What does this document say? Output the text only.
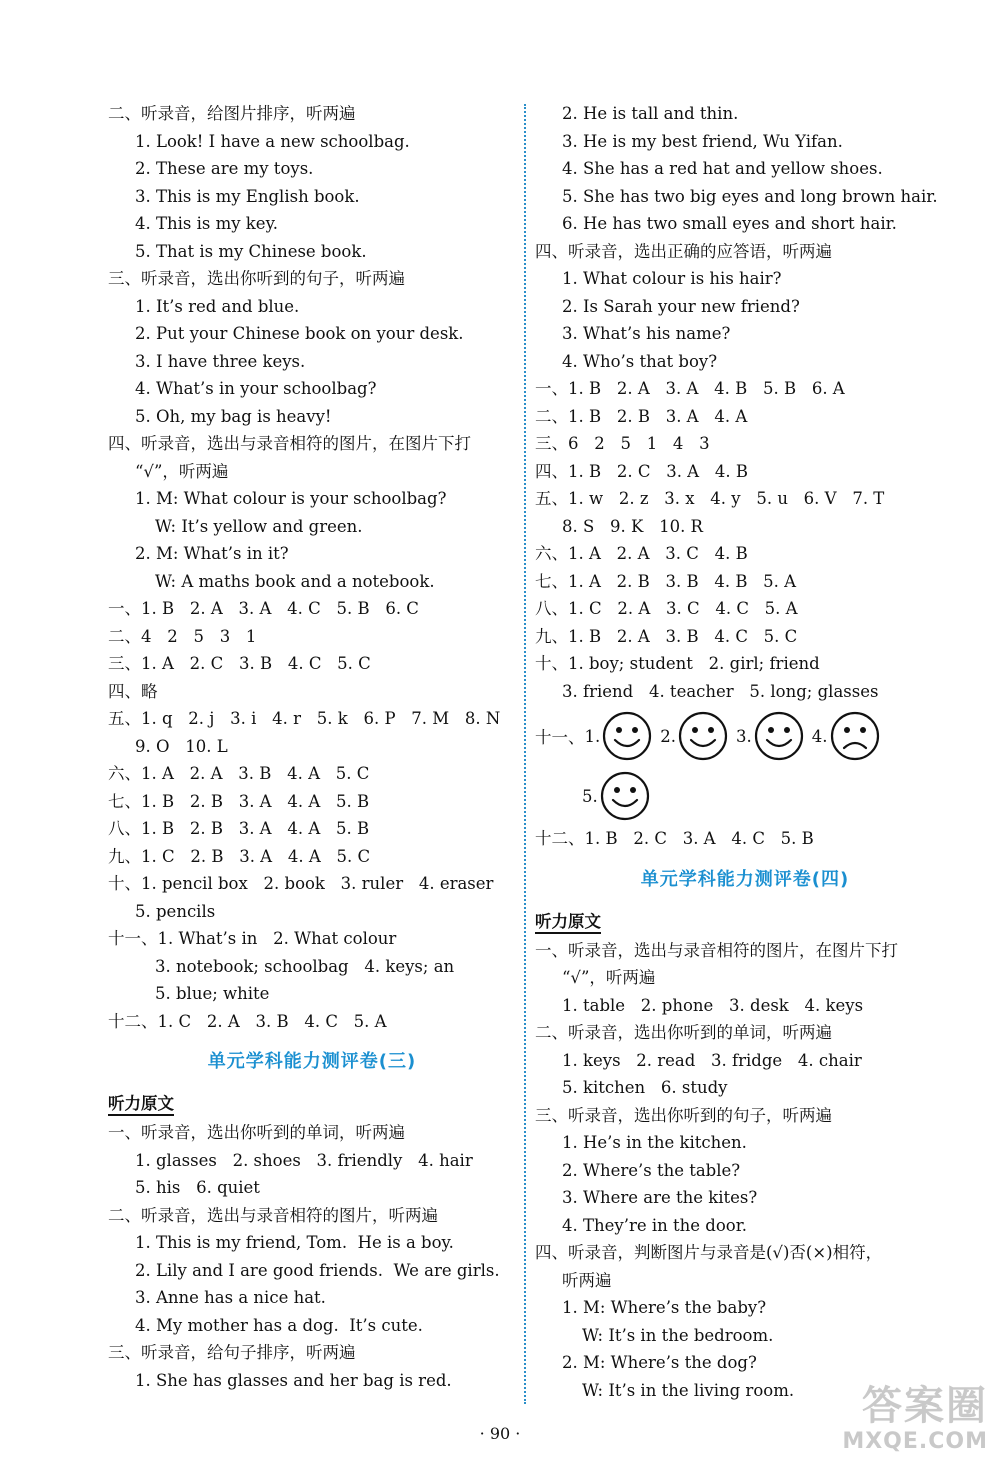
二、听录音，给图片排序，听两遍
1. Look! I have a new schoolbag.
2. These are my toys.
3. This is my English book.
4. This is my key.
5. That is my Chinese book.
三、听录音，选出你听到的句子，听两遍
1. It’s red and blue.
2. Put your Chinese book on your desk.
3. I have three keys.
4. What’s in your schoolbag?
5. Oh, my bag is heavy!
四、听录音，选出与录音相符的图片，在图片下打
“√”，听两遍
1. M: What colour is your schoolbag?
W: It’s yellow and green.
2. M: What’s in it?
W: A maths book and a notebook.
一、1. B   2. A   3. A   4. C   5. B   6. C
二、4   2   5   3   1
三、1. A   2. C   3. B   4. C   5. C
四、略
五、1. q   2. j   3. i   4. r   5. k   6. P   7. M   8. N
9. O   10. L
六、1. A   2. A   3. B   4. A   5. C
七、1. B   2. B   3. A   4. A   5. B
八、1. B   2. B   3. A   4. A   5. B
九、1. C   2. B   3. A   4. A   5. C
十、1. pencil box   2. book   3. ruler   4. eraser
5. pencils
十一、1. What’s in   2. What colour
3. notebook; schoolbag   4. keys; an
5. blue; white
十二、1. C   2. A   3. B   4. C   5. A
单元学科能力测评卷(三)
听力原文
一、听录音，选出你听到的单词，听两遍
1. glasses   2. shoes   3. friendly   4. hair
5. his   6. quiet
二、听录音，选出与录音相符的图片，听两遍
1. This is my friend, Tom.  He is a boy.
2. Lily and I are good friends.  We are girls.
3. Anne has a nice hat.
4. My mother has a dog.  It’s cute.
三、听录音，给句子排序，听两遍
1. She has glasses and her bag is red.
2. He is tall and thin.
3. He is my best friend, Wu Yifan.
4. She has a red hat and yellow shoes.
5. She has two big eyes and long brown hair.
6. He has two small eyes and short hair.
四、听录音，选出正确的应答语，听两遍
1. What colour is his hair?
2. Is Sarah your new friend?
3. What’s his name?
4. Who’s that boy?
一、1. B   2. A   3. A   4. B   5. B   6. A
二、1. B   2. B   3. A   4. A
三、6   2   5   1   4   3
四、1. B   2. C   3. A   4. B
五、1. w   2. z   3. x   4. y   5. u   6. V   7. T
8. S   9. K   10. R
六、1. A   2. A   3. C   4. B
七、1. A   2. B   3. B   4. B   5. A
八、1. C   2. A   3. C   4. C   5. A
九、1. B   2. A   3. B   4. C   5. C
十、1. boy; student   2. girl; friend
3. friend   4. teacher   5. long; glasses
十一、 1.	2.	3.	4.
5.
十二、1. B   2. C   3. A   4. C   5. B
单元学科能力测评卷(四)
听力原文
一、听录音，选出与录音相符的图片，在图片下打
“√”，听两遍
1. table   2. phone   3. desk   4. keys
二、听录音，选出你听到的单词，听两遍
1. keys   2. read   3. fridge   4. chair
5. kitchen   6. study
三、听录音，选出你听到的句子，听两遍
1. He’s in the kitchen.
2. Where’s the table?
3. Where are the kites?
4. They’re in the door.
四、听录音，判断图片与录音是(√)否(×)相符，
听两遍
1. M: Where’s the baby?
W: It’s in the bedroom.
2. M: Where’s the dog?
W: It’s in the living room.
· 90 ·
答案圈
MXQE.COM
